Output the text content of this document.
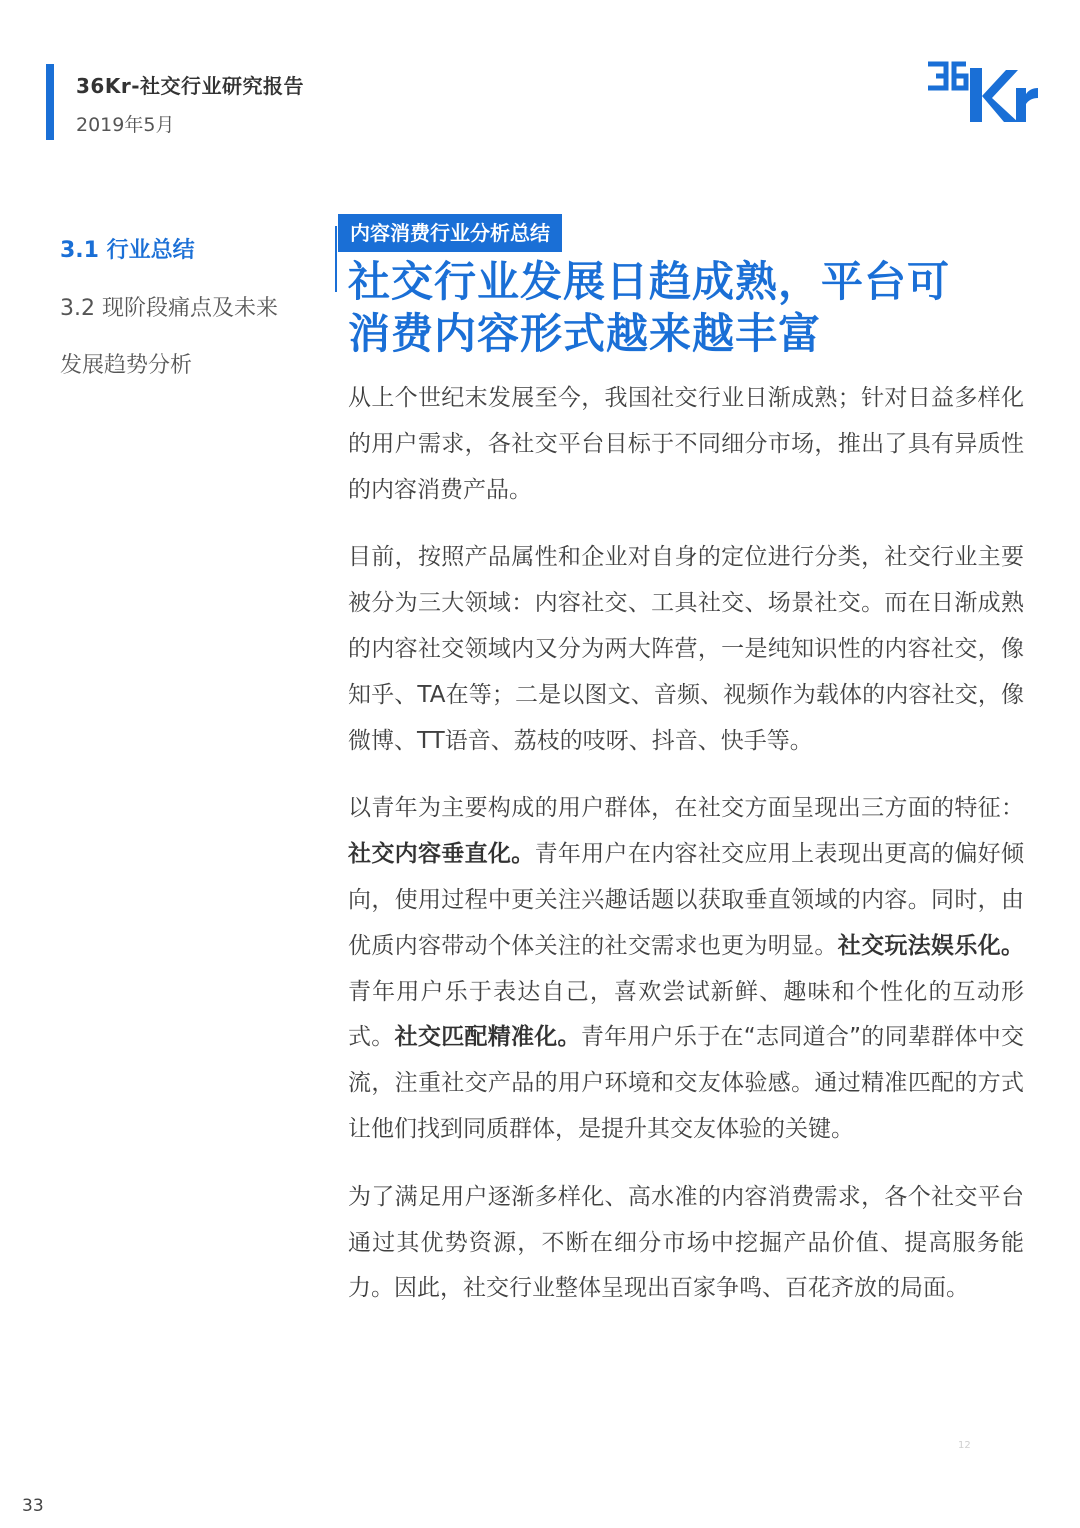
36Kr-社交行业研究报告
2019年5月
3.1 行业总结
3.2 现阶段痛点及未来
发展趋势分析
内容消费行业分析总结
社交行业发展日趋成熟，平台可
消费内容形式越来越丰富

从上个世纪末发展至今，我国社交行业日渐成熟；针对日益多样化的用户需求，各社交平台目标于不同细分市场，推出了具有异质性的内容消费产品。

目前，按照产品属性和企业对自身的定位进行分类，社交行业主要被分为三大领域：内容社交、工具社交、场景社交。而在日渐成熟的内容社交领域内又分为两大阵营，一是纯知识性的内容社交，像知乎、TA在等；二是以图文、音频、视频作为载体的内容社交，像微博、TT语音、荔枝的吱呀、抖音、快手等。

以青年为主要构成的用户群体，在社交方面呈现出三方面的特征：社交内容垂直化。青年用户在内容社交应用上表现出更高的偏好倾向，使用过程中更关注兴趣话题以获取垂直领域的内容。同时，由优质内容带动个体关注的社交需求也更为明显。社交玩法娱乐化。青年用户乐于表达自己，喜欢尝试新鲜、趣味和个性化的互动形式。社交匹配精准化。青年用户乐于在“志同道合”的同辈群体中交流，注重社交产品的用户环境和交友体验感。通过精准匹配的方式让他们找到同质群体，是提升其交友体验的关键。

为了满足用户逐渐多样化、高水准的内容消费需求，各个社交平台通过其优势资源，不断在细分市场中挖掘产品价值、提高服务能力。因此，社交行业整体呈现出百家争鸣、百花齐放的局面。

12
33
